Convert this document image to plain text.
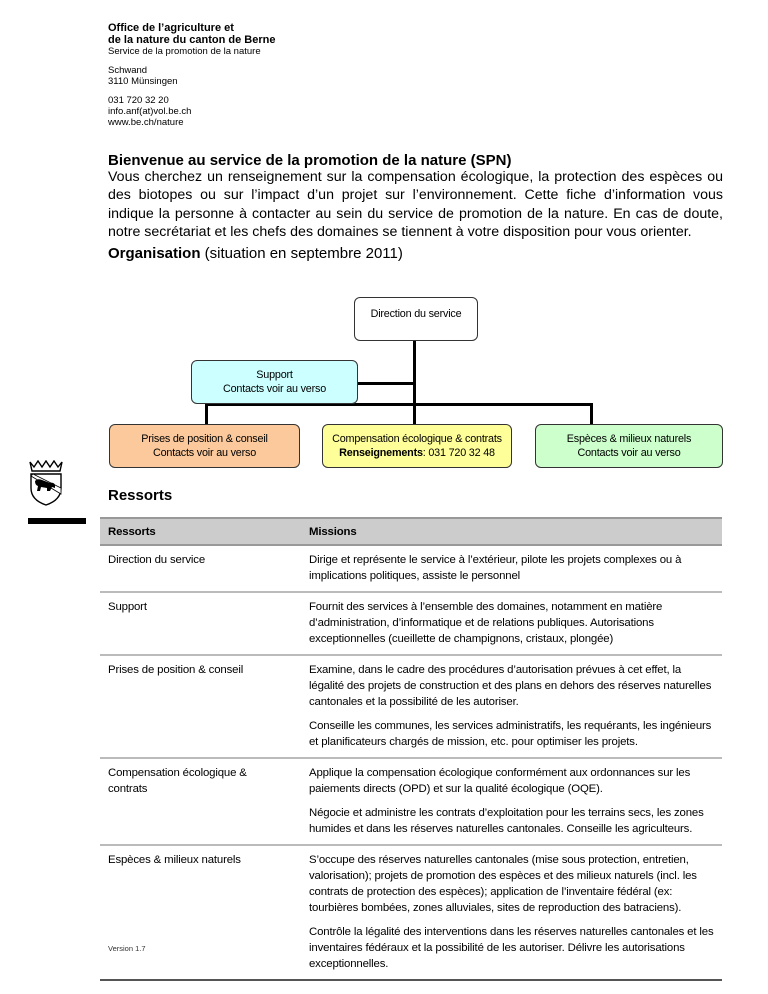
Office de l’agriculture et
de la nature du canton de Berne
Service de la promotion de la nature
Schwand
3110 Münsingen
031 720 32 20
info.anf(at)vol.be.ch
www.be.ch/nature
Bienvenue au service de la promotion de la nature (SPN)
Vous cherchez un renseignement sur la compensation écologique, la protection des espèces ou des biotopes ou sur l’impact d’un projet sur l’environnement. Cette fiche d’information vous indique la personne à contacter au sein du service de promotion de la nature. En cas de doute, notre secrétariat et les chefs des domaines se tiennent à votre disposition pour vous orienter.
Organisation (situation en septembre 2011)
Direction du service
Support
Contacts voir au verso
Prises de position & conseil
Contacts voir au verso
Compensation écologique & contrats
Renseignements: 031 720 32 48
Espèces & milieux naturels
Contacts voir au verso
Ressorts
Ressorts	Missions
Direction du service	Dirige et représente le service à l’extérieur, pilote les projets complexes ou à implications politiques, assiste le personnel

Support	Fournit des services à l’ensemble des domaines, notamment en matière d’administration, d’informatique et de relations publiques. Autorisations exceptionnelles (cueillette de champignons, cristaux, plongée)

Prises de position & conseil	Examine, dans le cadre des procédures d’autorisation prévues à cet effet, la légalité des projets de construction et des plans en dehors des réserves naturelles cantonales et la possibilité de les autoriser.

Conseille les communes, les services administratifs, les requérants, les ingénieurs et planificateurs chargés de mission, etc. pour optimiser les projets.

Compensation écologique & contrats	Applique la compensation écologique conformément aux ordonnances sur les paiements directs (OPD) et sur la qualité écologique (OQE).

Négocie et administre les contrats d’exploitation pour les terrains secs, les zones humides et dans les réserves naturelles cantonales. Conseille les agriculteurs.

Espèces & milieux naturels	S’occupe des réserves naturelles cantonales (mise sous protection, entretien, valorisation); projets de promotion des espèces et des milieux naturels (incl. les contrats de protection des espèces); application de l’inventaire fédéral (ex: tourbières bombées, zones alluviales, sites de reproduction des batraciens).

Contrôle la légalité des interventions dans les réserves naturelles cantonales et les inventaires fédéraux et la possibilité de les autoriser. Délivre les autorisations exceptionnelles.

Version 1.7
